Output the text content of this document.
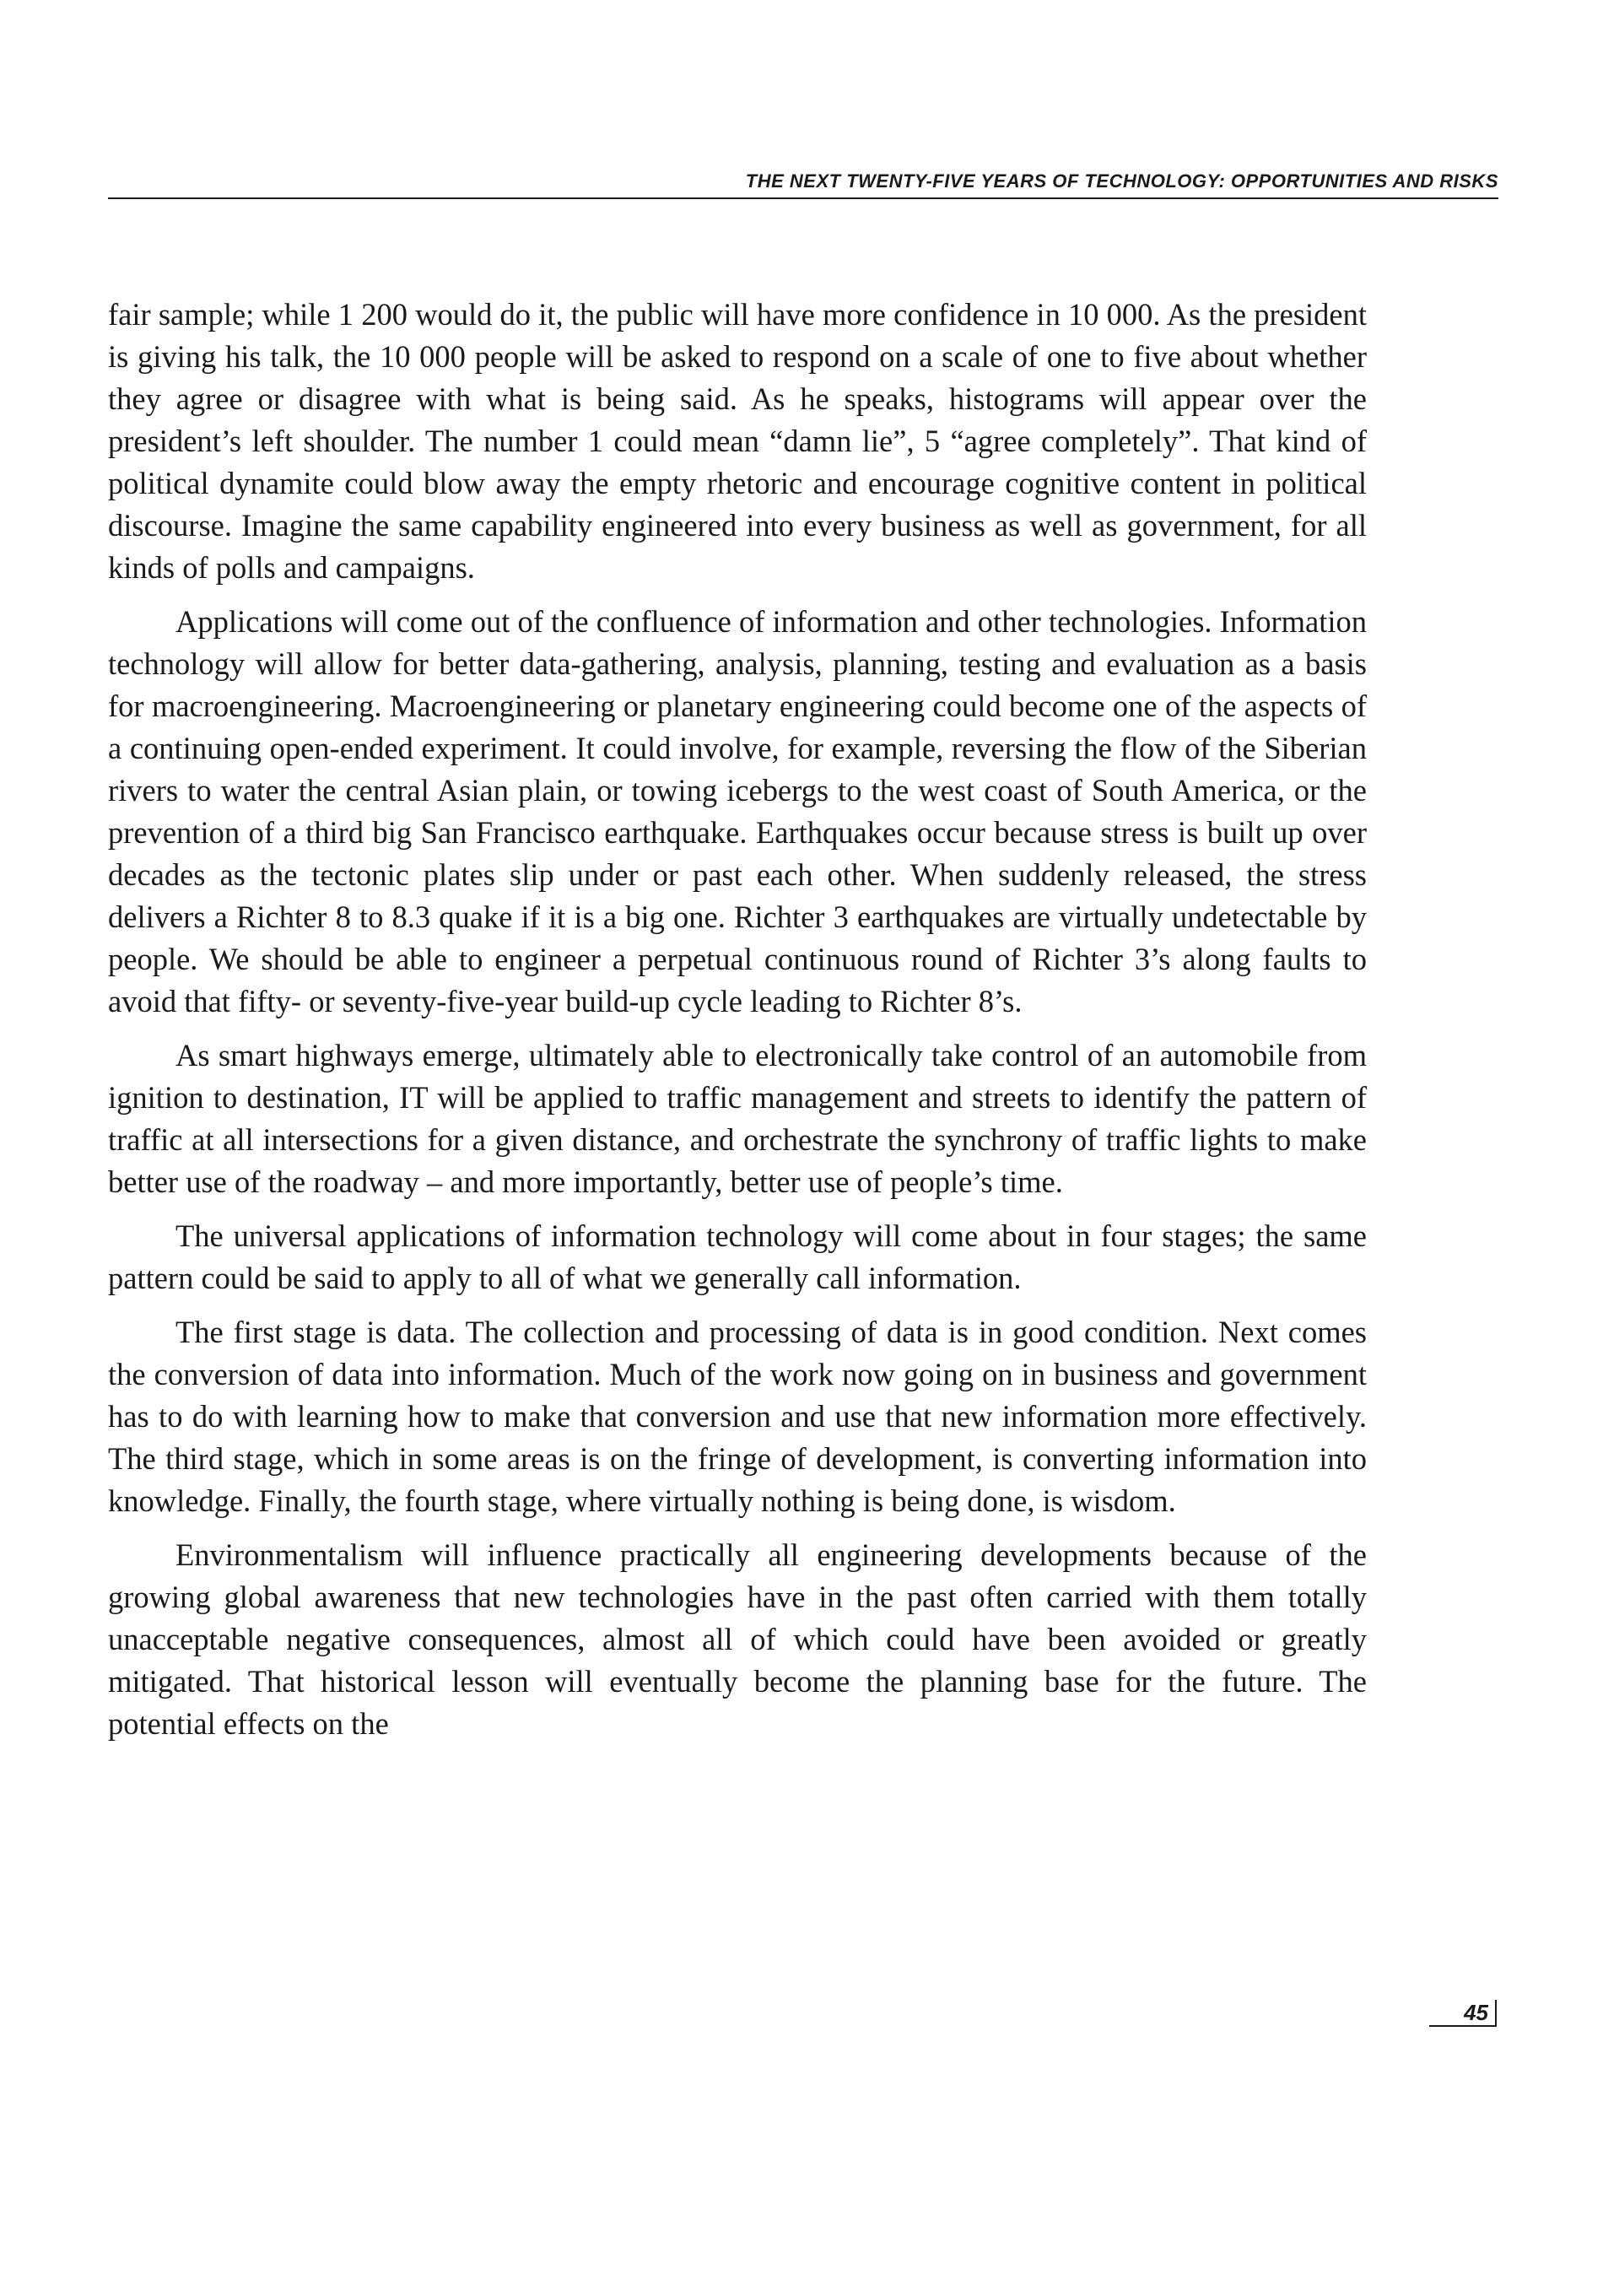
THE NEXT TWENTY-FIVE YEARS OF TECHNOLOGY: OPPORTUNITIES AND RISKS

fair sample; while 1 200 would do it, the public will have more confidence in 10 000. As the president is giving his talk, the 10 000 people will be asked to respond on a scale of one to five about whether they agree or disagree with what is being said. As he speaks, histograms will appear over the president’s left shoulder. The number 1 could mean “damn lie”, 5 “agree completely”. That kind of political dynamite could blow away the empty rhetoric and encourage cognitive content in political discourse. Imagine the same capability engineered into every business as well as government, for all kinds of polls and campaigns.

Applications will come out of the confluence of information and other technologies. Information technology will allow for better data-gathering, analysis, planning, testing and evaluation as a basis for macroengineering. Macroengineering or planetary engineering could become one of the aspects of a continuing open-ended experiment. It could involve, for example, reversing the flow of the Siberian rivers to water the central Asian plain, or towing icebergs to the west coast of South America, or the prevention of a third big San Francisco earthquake. Earthquakes occur because stress is built up over decades as the tectonic plates slip under or past each other. When suddenly released, the stress delivers a Richter 8 to 8.3 quake if it is a big one. Richter 3 earthquakes are virtually undetectable by people. We should be able to engineer a perpetual continuous round of Richter 3’s along faults to avoid that fifty- or seventy-five-year build-up cycle leading to Richter 8’s.

As smart highways emerge, ultimately able to electronically take control of an automobile from ignition to destination, IT will be applied to traffic management and streets to identify the pattern of traffic at all intersections for a given distance, and orchestrate the synchrony of traffic lights to make better use of the roadway – and more importantly, better use of people’s time.

The universal applications of information technology will come about in four stages; the same pattern could be said to apply to all of what we generally call information.

The first stage is data. The collection and processing of data is in good condition. Next comes the conversion of data into information. Much of the work now going on in business and government has to do with learning how to make that conversion and use that new information more effectively. The third stage, which in some areas is on the fringe of development, is converting information into knowledge. Finally, the fourth stage, where virtually nothing is being done, is wisdom.

Environmentalism will influence practically all engineering developments because of the growing global awareness that new technologies have in the past often carried with them totally unacceptable negative consequences, almost all of which could have been avoided or greatly mitigated. That historical lesson will eventually become the planning base for the future. The potential effects on the

45
